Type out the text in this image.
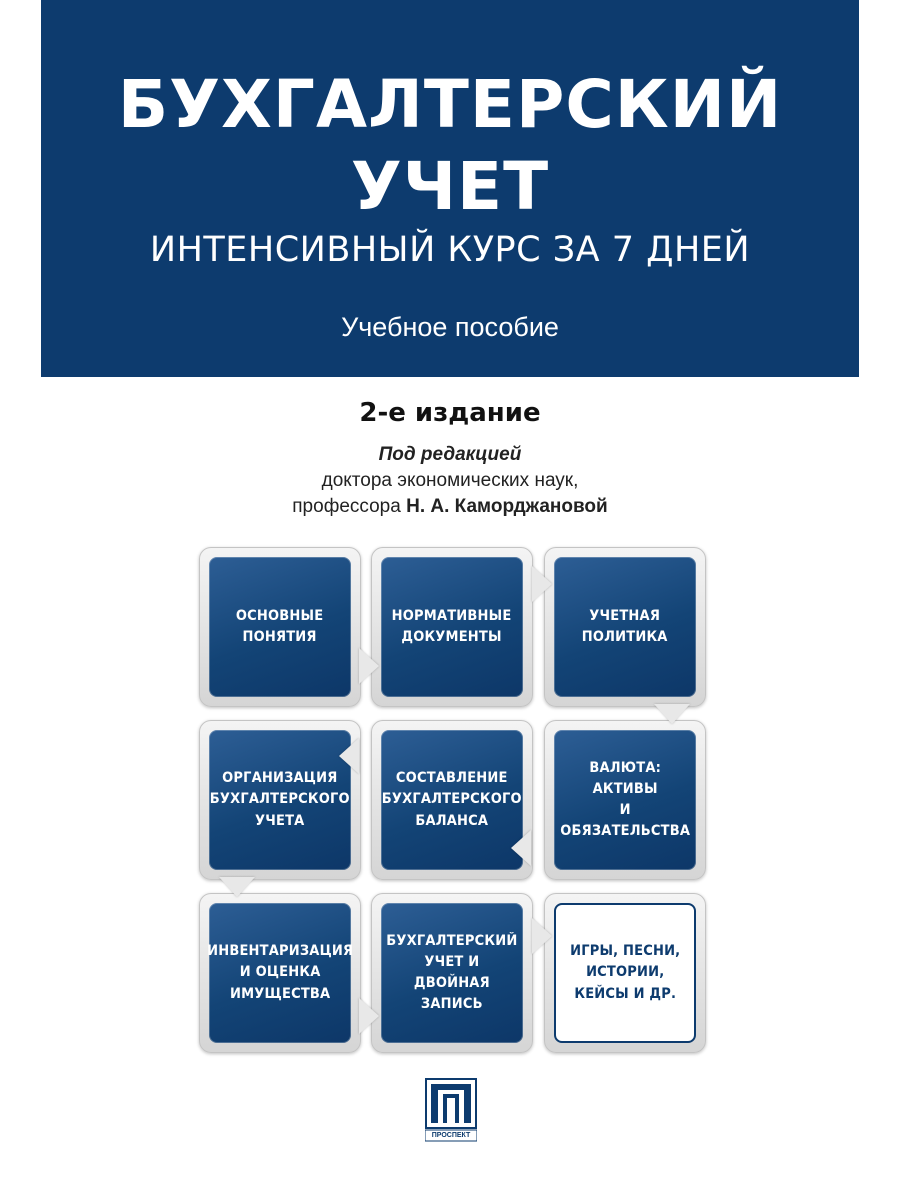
БУХГАЛТЕРСКИЙ
УЧЕТ
ИНТЕНСИВНЫЙ КУРС ЗА 7 ДНЕЙ
Учебное пособие
2-е издание
Под редакцией
доктора экономических наук,
профессора Н. А. Каморджановой
ОСНОВНЫЕ
ПОНЯТИЯ
НОРМАТИВНЫЕ
ДОКУМЕНТЫ
УЧЕТНАЯ
ПОЛИТИКА
ОРГАНИЗАЦИЯ
БУХГАЛТЕРСКОГО
УЧЕТА
СОСТАВЛЕНИЕ
БУХГАЛТЕРСКОГО
БАЛАНСА
ВАЛЮТА: АКТИВЫ
И ОБЯЗАТЕЛЬСТВА
ИНВЕНТАРИЗАЦИЯ
И ОЦЕНКА
ИМУЩЕСТВА
БУХГАЛТЕРСКИЙ
УЧЕТ И ДВОЙНАЯ
ЗАПИСЬ
ИГРЫ, ПЕСНИ,
ИСТОРИИ,
КЕЙСЫ И ДР.
ПРОСПЕКТ
